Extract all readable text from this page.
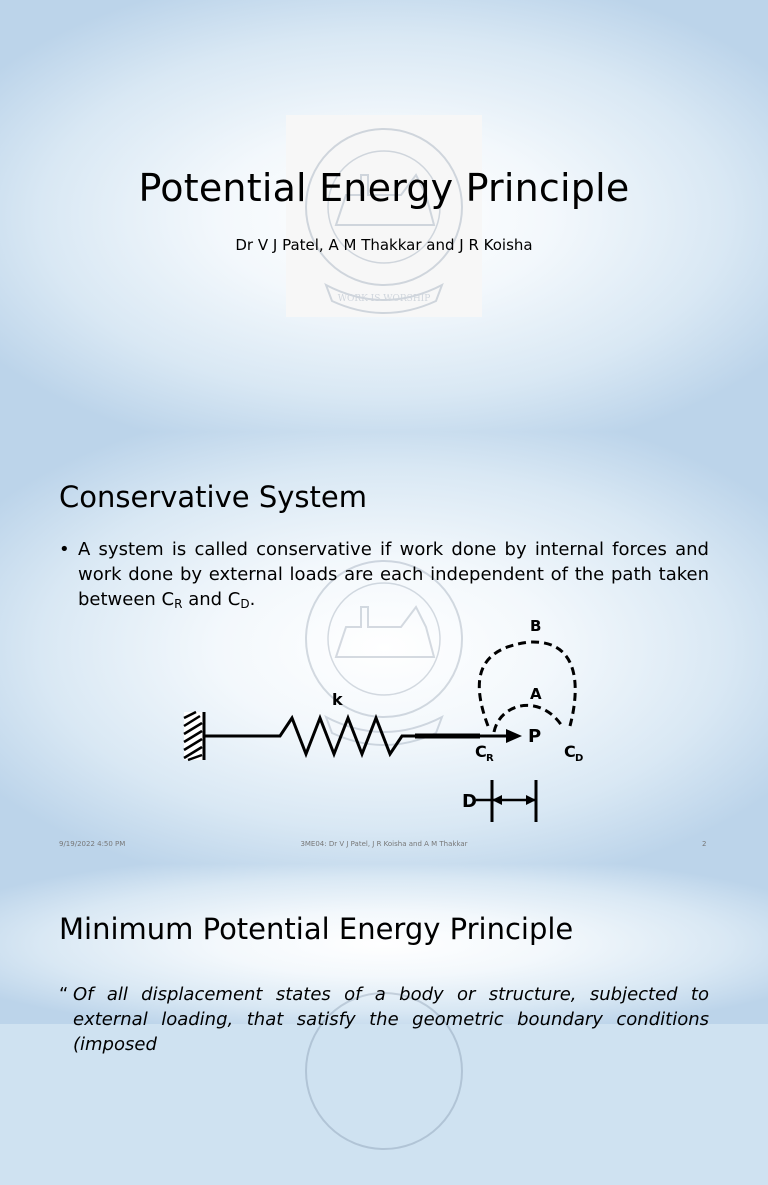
WORK IS WORSHIP
Potential Energy Principle
Dr V J Patel, A M Thakkar and J R Koisha
Conservative System
• A system is called conservative if work done by internal forces and work done by external loads are each independent of the path taken between $C_R$ and $C_D$.
k
B
A
P
C R	C D
D
9/19/2022 4:50 PM	3ME04: Dr V J Patel, J R Koisha and A M Thakkar	2
Minimum Potential Energy Principle
“ Of all displacement states of a body or structure, subjected to external loading, that satisfy the geometric boundary conditions (imposed
